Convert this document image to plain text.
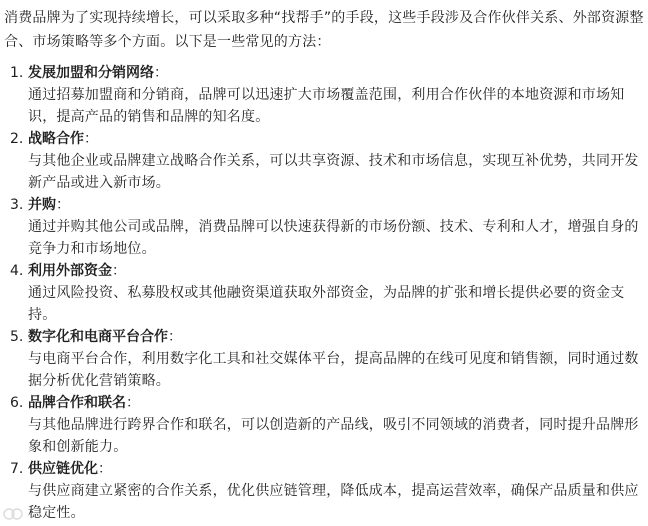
消费品牌为了实现持续增长，可以采取多种“找帮手”的手段，这些手段涉及合作伙伴关系、外部资源整合、市场策略等多个方面。以下是一些常见的方法：

1. 发展加盟和分销网络：

通过招募加盟商和分销商，品牌可以迅速扩大市场覆盖范围，利用合作伙伴的本地资源和市场知识，提高产品的销售和品牌的知名度。

2. 战略合作：

与其他企业或品牌建立战略合作关系，可以共享资源、技术和市场信息，实现互补优势，共同开发新产品或进入新市场。

3. 并购：

通过并购其他公司或品牌，消费品牌可以快速获得新的市场份额、技术、专利和人才，增强自身的竞争力和市场地位。

4. 利用外部资金：

通过风险投资、私募股权或其他融资渠道获取外部资金，为品牌的扩张和增长提供必要的资金支持。

5. 数字化和电商平台合作：

与电商平台合作，利用数字化工具和社交媒体平台，提高品牌的在线可见度和销售额，同时通过数据分析优化营销策略。

6. 品牌合作和联名：

与其他品牌进行跨界合作和联名，可以创造新的产品线，吸引不同领域的消费者，同时提升品牌形象和创新能力。

7. 供应链优化：

与供应商建立紧密的合作关系，优化供应链管理，降低成本，提高运营效率，确保产品质量和供应稳定性。
